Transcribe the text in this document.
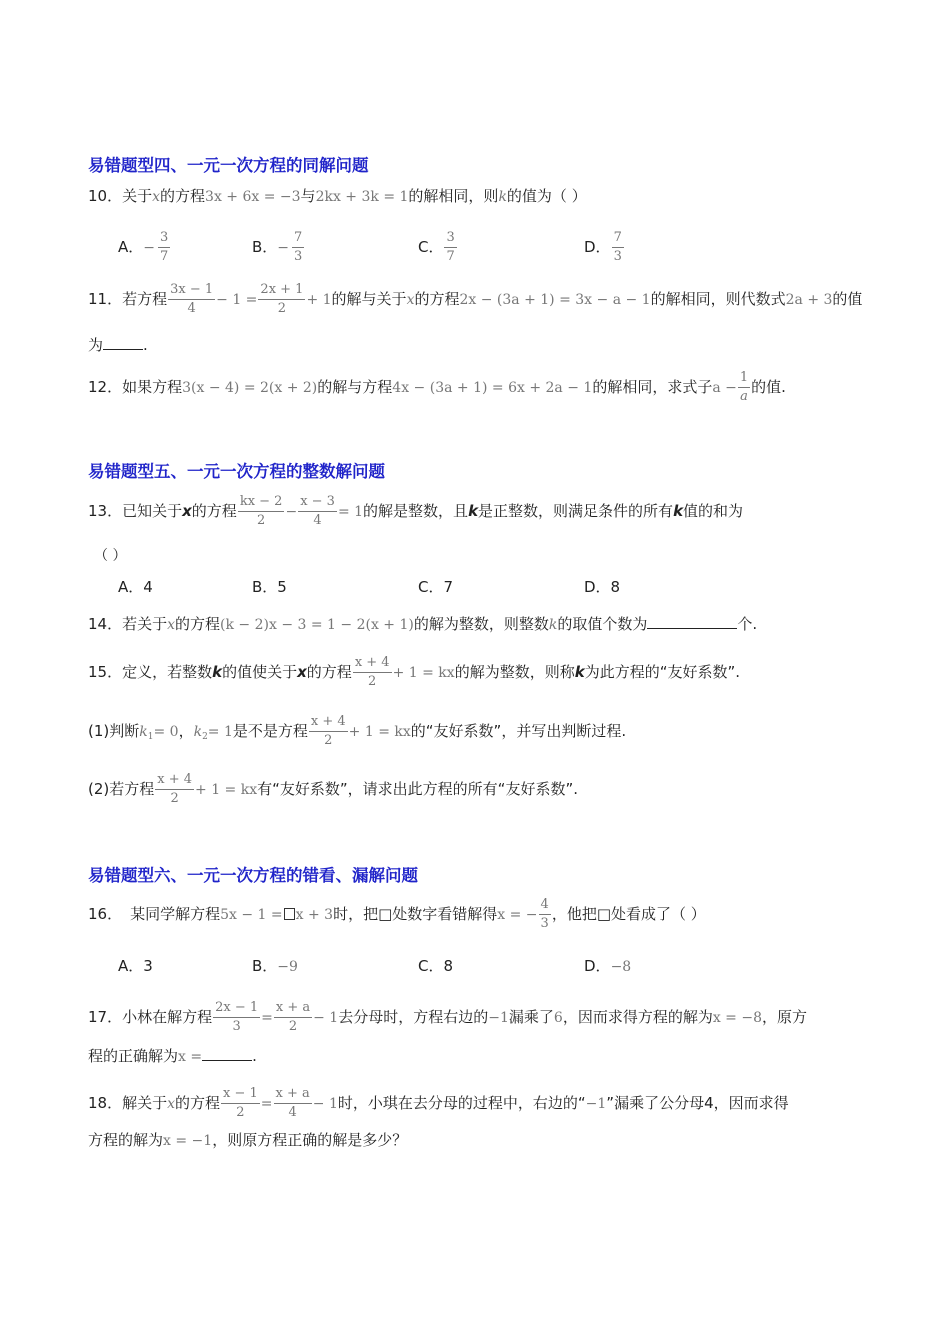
易错题型四、一元一次方程的同解问题
10．关于x的方程3x + 6x = −3与2kx + 3k = 1的解相同，则k的值为（ ）
A．− $\frac{3}{7}$	B．− $\frac{7}{3}$	C． $\frac{3}{7}$	D． $\frac{7}{3}$
11．若方程 $\frac{3x - 1}{4} - 1 = \frac{2x + 1}{2} + 1$的解与关于x的方程2x − (3a + 1) = 3x − a − 1的解相同，则代数式2a + 3的值
为	.
12．如果方程3(x − 4) = 2(x + 2)的解与方程4x − (3a + 1) = 6x + 2a − 1的解相同，求式子$a - \frac{1}{a}$ 的值.
易错题型五、一元一次方程的整数解问题
13．已知关于x的方程 $\frac{kx - 2}{2} - \frac{x - 3}{4} = 1$的解是整数，且k是正整数，则满足条件的所有k值的和为
（ ）
A．4	B．5	C．7	D．8
14．若关于x的方程(k − 2)x − 3 = 1 − 2(x + 1)的解为整数，则整数k的取值个数为	个.
15．定义，若整数k的值使关于x的方程 $\frac{x + 4}{2} + 1$ = kx的解为整数，则称k为此方程的“友好系数”.
(1)判断$k_1= 0$，$k_2= 1$是不是方程 $\frac{x + 4}{2} + 1$ = kx的“友好系数”，并写出判断过程.
(2)若方程 $\frac{x + 4}{2} + 1$ = kx有“友好系数”，请求出此方程的所有“友好系数”.
易错题型六、一元一次方程的错看、漏解问题
16． 某同学解方程5x − 1 = x + 3时，把□处数字看错解得x = − $\frac{4}{3}$ ，他把□处看成了（ ）
A．3	B．−9	C．8	D．−8
17．小林在解方程 $\frac{2x - 1}{3} = \frac{x + a}{2} - 1$去分母时，方程右边的−1漏乘了6，因而求得方程的解为x = −8，原方
程的正确解为x =	.
18．解关于x的方程 $\frac{x - 1}{2} = \frac{x + a}{4} - 1$时，小琪在去分母的过程中，右边的“−1”漏乘了公分母4，因而求得
方程的解为x = −1，则原方程正确的解是多少？
